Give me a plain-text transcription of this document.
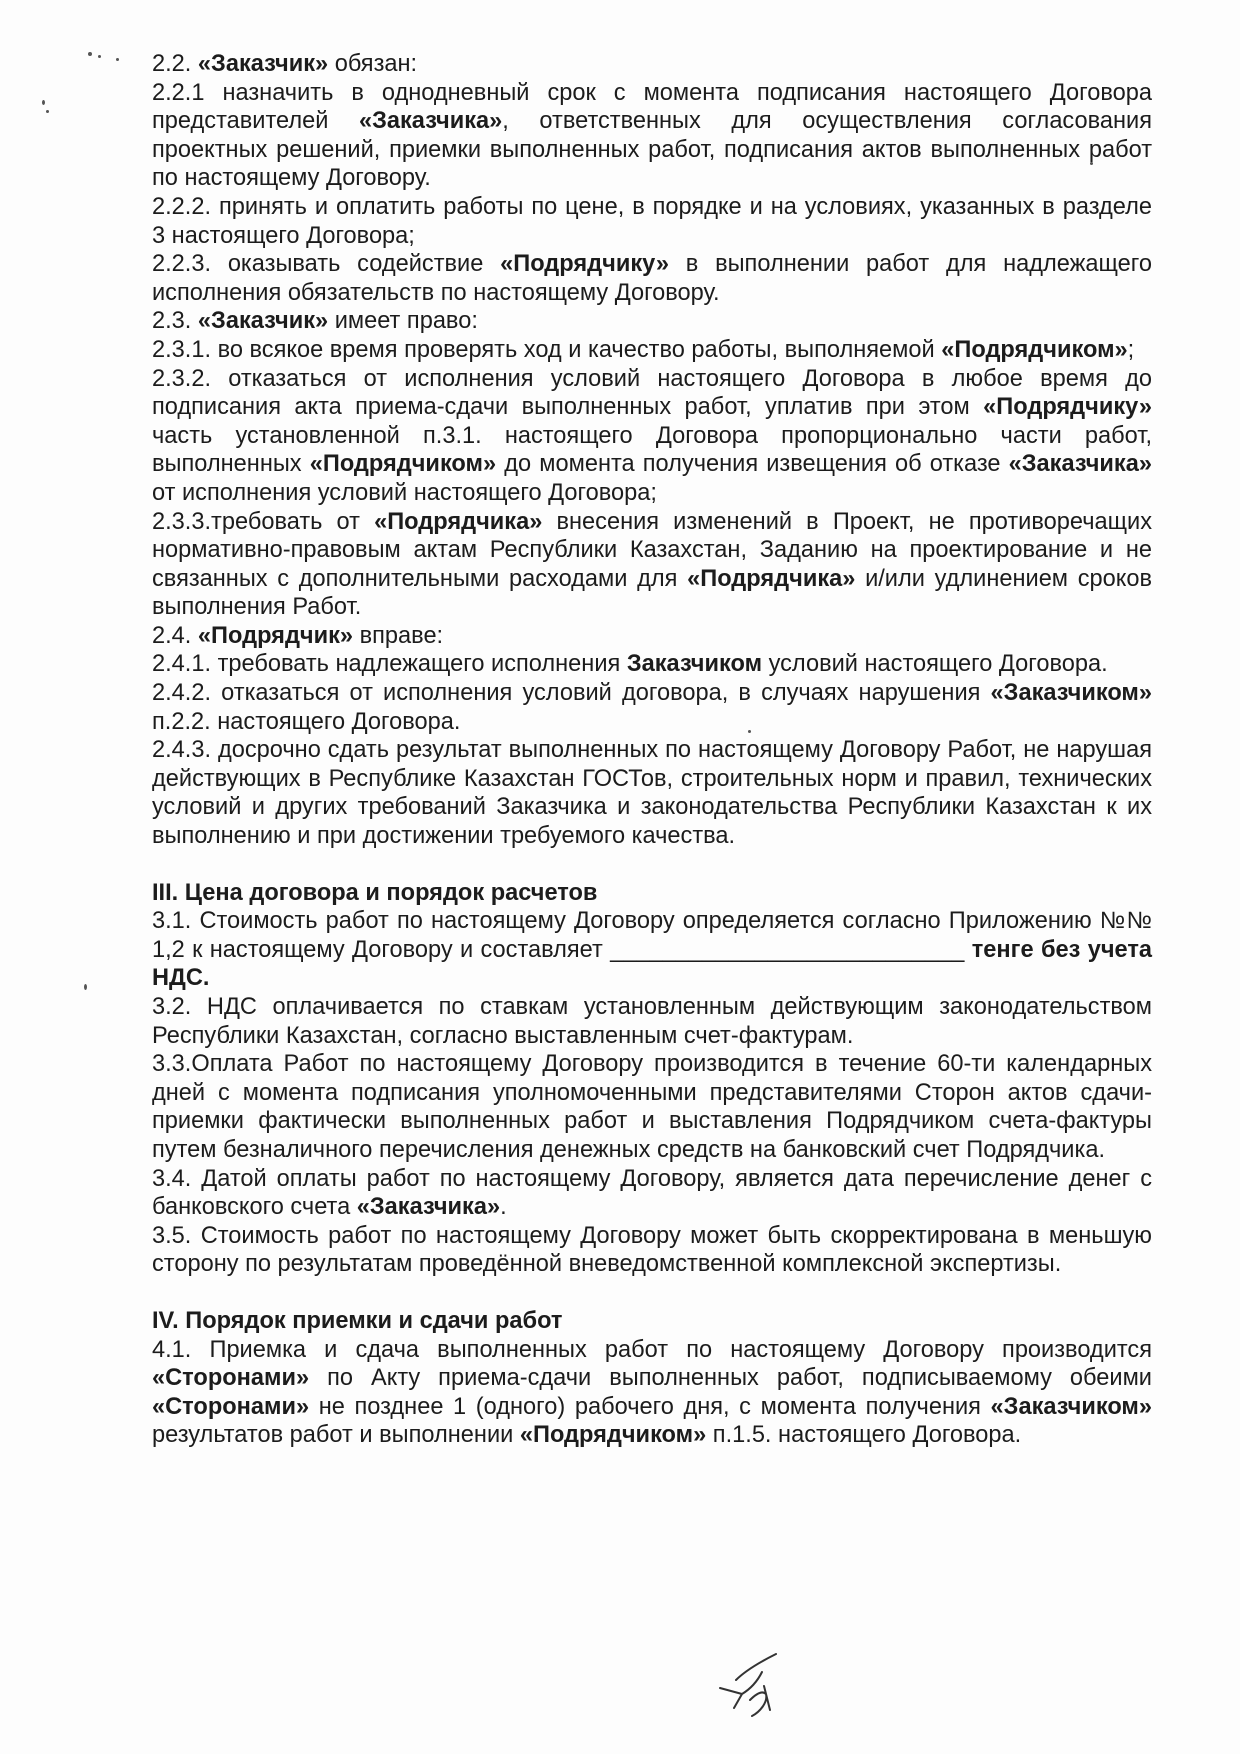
2.2. «Заказчик» обязан:

2.2.1 назначить в однодневный срок с момента подписания настоящего Договора представителей «Заказчика», ответственных для осуществления согласования проектных решений, приемки выполненных работ, подписания актов выполненных работ по настоящему Договору.

2.2.2. принять и оплатить работы по цене, в порядке и на условиях, указанных в разделе 3 настоящего Договора;

2.2.3. оказывать содействие «Подрядчику» в выполнении работ для надлежащего исполнения обязательств по настоящему Договору.

2.3. «Заказчик» имеет право:

2.3.1. во всякое время проверять ход и качество работы, выполняемой «Подрядчиком»;

2.3.2. отказаться от исполнения условий настоящего Договора в любое время до подписания акта приема-сдачи выполненных работ, уплатив при этом «Подрядчику» часть установленной п.3.1. настоящего Договора пропорционально части работ, выполненных «Подрядчиком» до момента получения извещения об отказе «Заказчика» от исполнения условий настоящего Договора;

2.3.3.требовать от «Подрядчика» внесения изменений в Проект, не противоречащих нормативно-правовым актам Республики Казахстан, Заданию на проектирование и не связанных с дополнительными расходами для «Подрядчика» и/или удлинением сроков выполнения Работ.

2.4. «Подрядчик» вправе:

2.4.1. требовать надлежащего исполнения Заказчиком условий настоящего Договора.

2.4.2. отказаться от исполнения условий договора, в случаях нарушения «Заказчиком» п.2.2. настоящего Договора.

2.4.3. досрочно сдать результат выполненных по настоящему Договору Работ, не нарушая действующих в Республике Казахстан ГОСТов, строительных норм и правил, технических условий и других требований Заказчика и законодательства Республики Казахстан к их выполнению и при достижении требуемого качества.

III. Цена договора и порядок расчетов

3.1. Стоимость работ по настоящему Договору определяется согласно Приложению №№ 1,2 к настоящему Договору и составляет ___________________________ тенге без учета НДС.

3.2. НДС оплачивается по ставкам установленным действующим законодательством Республики Казахстан, согласно выставленным счет-фактурам.

3.3.Оплата Работ по настоящему Договору производится в течение 60-ти календарных дней с момента подписания уполномоченными представителями Сторон актов сдачи-приемки фактически выполненных работ и выставления Подрядчиком счета-фактуры путем безналичного перечисления денежных средств на банковский счет Подрядчика.

3.4. Датой оплаты работ по настоящему Договору, является дата перечисление денег с банковского счета «Заказчика».

3.5. Стоимость работ по настоящему Договору может быть скорректирована в меньшую сторону по результатам проведённой вневедомственной комплексной экспертизы.

IV. Порядок приемки и сдачи работ

4.1. Приемка и сдача выполненных работ по настоящему Договору производится «Сторонами» по Акту приема-сдачи выполненных работ, подписываемому обеими «Сторонами» не позднее 1 (одного) рабочего дня, с момента получения «Заказчиком» результатов работ и выполнении «Подрядчиком» п.1.5. настоящего Договора.
